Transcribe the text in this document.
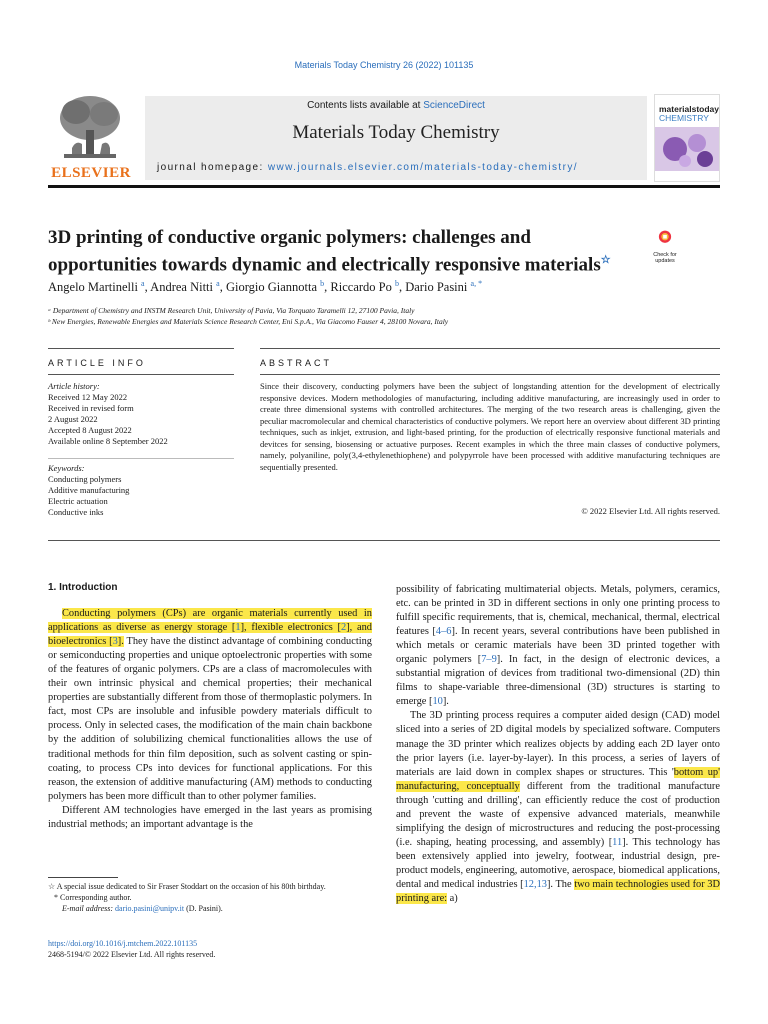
Materials Today Chemistry 26 (2022) 101135
ELSEVIER
Contents lists available at ScienceDirect
Materials Today Chemistry
journal homepage: www.journals.elsevier.com/materials-today-chemistry/
materialstoday
CHEMISTRY
3D printing of conductive organic polymers: challenges and opportunities towards dynamic and electrically responsive materials☆	Check for updates
Angelo Martinelli $^a$, Andrea Nitti $^a$, Giorgio Giannotta $^b$, Riccardo Po $^b$, Dario Pasini $^{a, *}$
ᵃ Department of Chemistry and INSTM Research Unit, University of Pavia, Via Torquato Taramelli 12, 27100 Pavia, Italy
ᵇ New Energies, Renewable Energies and Materials Science Research Center, Eni S.p.A., Via Giacomo Fauser 4, 28100 Novara, Italy
ARTICLE INFO	ABSTRACT
Article history:
Received 12 May 2022
Received in revised form
2 August 2022
Accepted 8 August 2022
Available online 8 September 2022
Keywords:
Conducting polymers
Additive manufacturing
Electric actuation
Conductive inks
Since their discovery, conducting polymers have been the subject of longstanding attention for the development of electrically responsive devices. Modern methodologies of manufacturing, including additive manufacturing, are increasingly used in order to create three dimensional systems with controlled architectures. The merging of the two research areas is challenging, given the peculiar macromolecular and chemical characteristics of conductive polymers. We report here an overview about different 3D printing techniques, such as inkjet, extrusion, and light-based printing, for the production of electrically responsive functional materials and devitces for sensing, biosensing or actuative purposes. Recent examples in which the three main classes of conductive polymers, namely, polyaniline, poly(3,4-ethylenethiophene) and polypyrrole have been processed with additive manufacturing techniques are sequentially presented.
© 2022 Elsevier Ltd. All rights reserved.
1. Introduction

Conducting polymers (CPs) are organic materials currently used in applications as diverse as energy storage [1], flexible electronics [2], and bioelectronics [3]. They have the distinct advantage of combining conducting or semiconducting properties and unique optoelectronic properties with some of the features of organic polymers. CPs are a class of macromolecules with their own intrinsic physical and chemical properties; their mechanical properties are substantially different from those of thermoplastic polymers. In fact, most CPs are insoluble and infusible powdery materials difficult to process. Only in selected cases, the modification of the main chain backbone by the addition of solubilizing chemical functionalities allows the use of traditional methods for thin film deposition, such as solvent casting or spin-coating, to process CPs into devices for functional applications. For this reason, the extension of additive manufacturing (AM) methods to conducting polymers has been more difficult than to other polymer families.

Different AM technologies have emerged in the last years as promising industrial methods; an important advantage is the

possibility of fabricating multimaterial objects. Metals, polymers, ceramics, etc. can be printed in 3D in different sections in only one printing process to fulfill specific requirements, that is, chemical, mechanical, thermal, electrical features [4–6]. In recent years, several contributions have been published in which metals or ceramic materials have been 3D printed together with organic polymers [7–9]. In fact, in the design of electronic devices, a substantial migration of devices from traditional two-dimensional (2D) thin films to shape-variable three-dimensional (3D) structures is starting to emerge [10].

The 3D printing process requires a computer aided design (CAD) model sliced into a series of 2D digital models by specialized software. Computers manage the 3D printer which realizes objects by adding each 2D layer onto the prior layers (i.e. layer-by-layer). In this process, a series of layers of materials are laid down in complex shapes or structures. This 'bottom up' manufacturing, conceptually different from the traditional manufacture through 'cutting and drilling', can efficiently reduce the cost of production and prevent the waste of expensive advanced materials, meanwhile simplifying the design of microstructures and reducing the post-processing (i.e. shaping, heating processing, and assembly) [11]. This technology has been extensively applied into jewelry, footwear, industrial design, pre-product models, engineering, automotive, aerospace, biomedical applications, dental and medical industries [12,13]. The two main technologies used for 3D printing are: a)

☆ A special issue dedicated to Sir Fraser Stoddart on the occasion of his 80th birthday.
* Corresponding author.
E-mail address: dario.pasini@unipv.it (D. Pasini).
https://doi.org/10.1016/j.mtchem.2022.101135
2468-5194/© 2022 Elsevier Ltd. All rights reserved.
